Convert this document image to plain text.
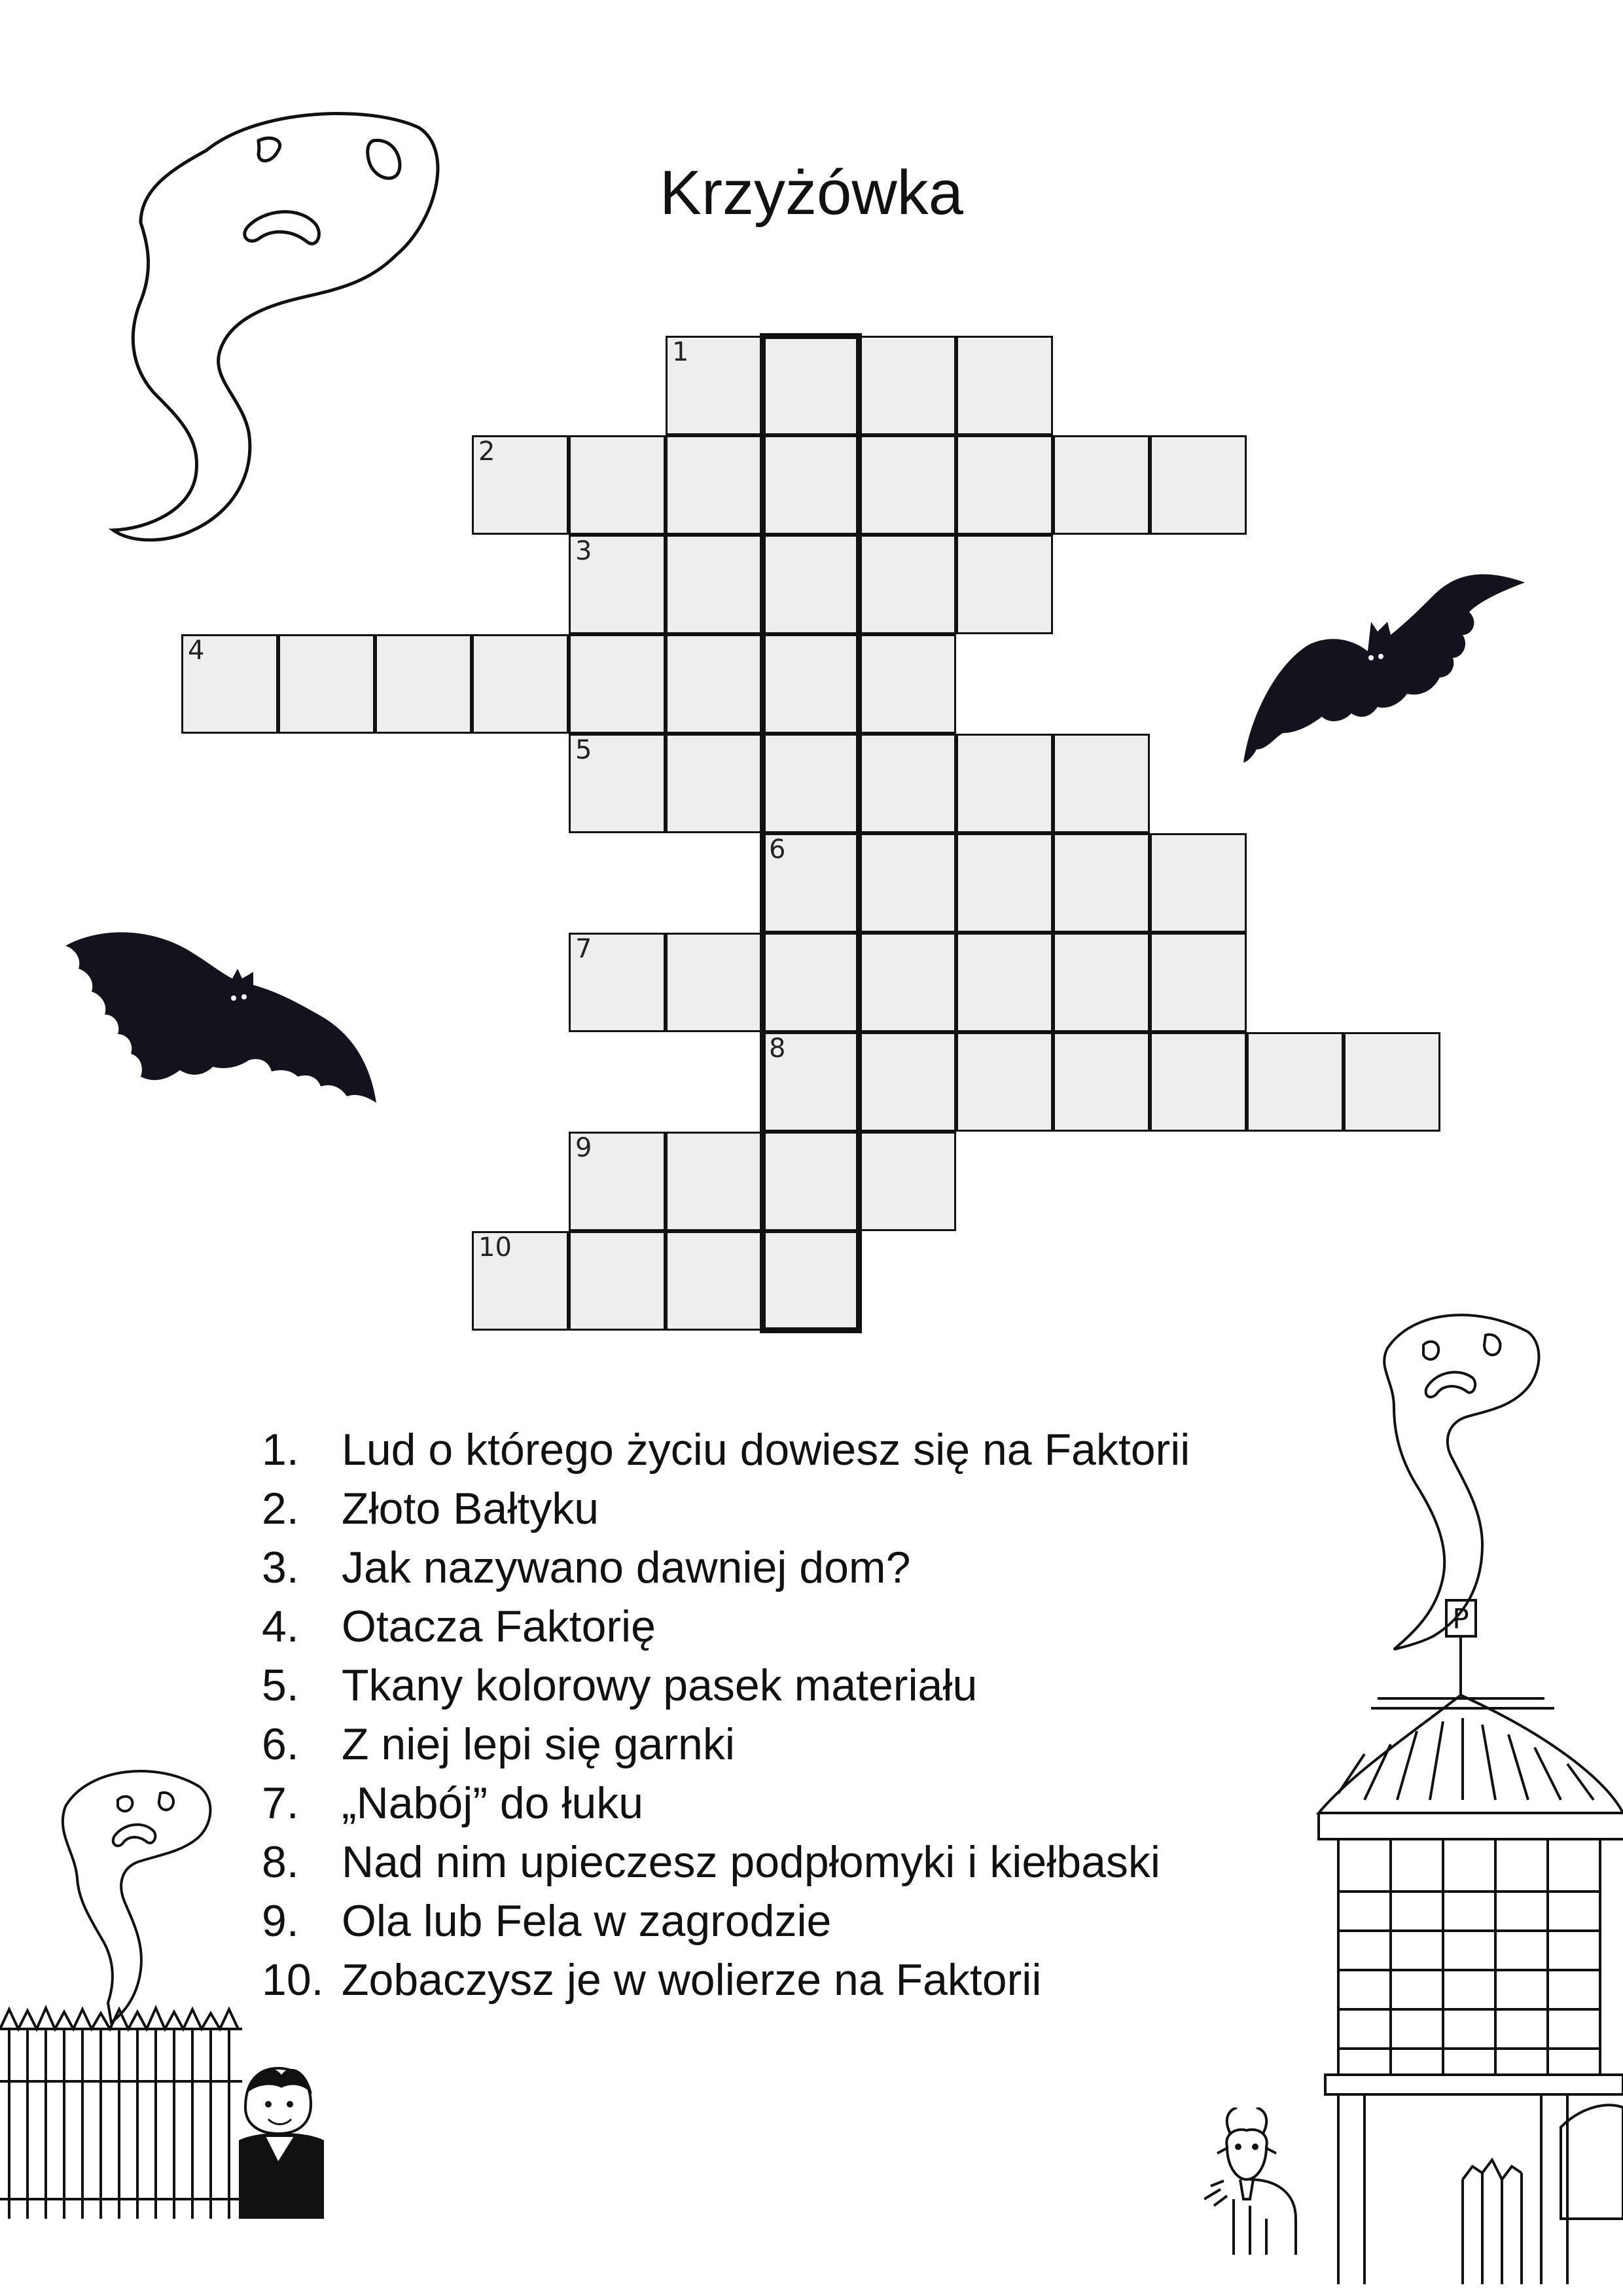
Krzyżówka
1
2
3
4
5
6
7
8
9
10
1. Lud o którego życiu dowiesz się na Faktorii
2. Złoto Bałtyku
3. Jak nazywano dawniej dom?
4. Otacza Faktorię
5. Tkany kolorowy pasek materiału
6. Z niej lepi się garnki
7. „Nabój” do łuku
8. Nad nim upieczesz podpłomyki i kiełbaski
9. Ola lub Fela w zagrodzie
10. Zobaczysz je w wolierze na Faktorii
P
